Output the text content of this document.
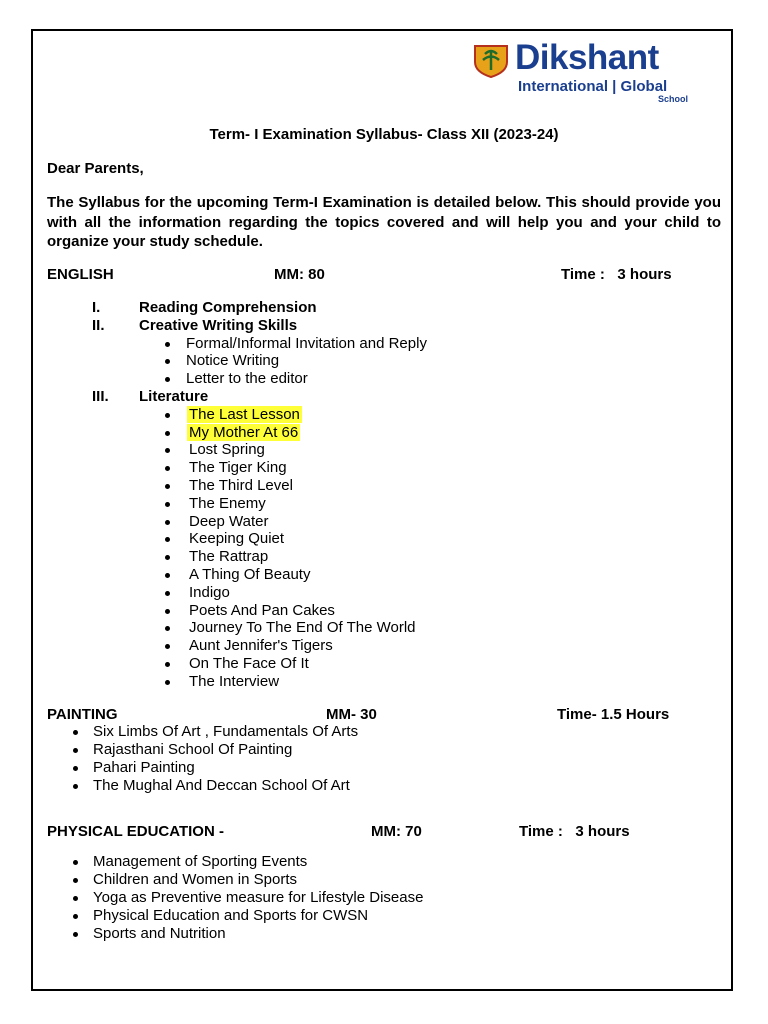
Dikshant
International | Global
School
Term- I Examination Syllabus- Class XII (2023-24)
Dear Parents,
The Syllabus for the upcoming Term-I Examination is detailed below. This should provide you with all the information regarding the topics covered and will help you and your child to organize your study schedule.
ENGLISH	MM: 80	Time :   3 hours
I.	Reading Comprehension
II. Creative Writing Skills
Formal/Informal Invitation and Reply
Notice Writing
Letter to the editor
III. Literature
The Last Lesson
My Mother At 66
Lost Spring
The Tiger King
The Third Level
The Enemy
Deep Water
Keeping Quiet
The Rattrap
A Thing Of Beauty
Indigo
Poets And Pan Cakes
Journey To The End Of The World
Aunt Jennifer's Tigers
On The Face Of It
The Interview
PAINTING	MM- 30	Time- 1.5 Hours
Six Limbs Of Art , Fundamentals Of Arts
Rajasthani School Of Painting
Pahari Painting
The Mughal And Deccan School Of Art
PHYSICAL EDUCATION -	MM: 70	Time :   3 hours
Management of Sporting Events
Children and Women in Sports
Yoga as Preventive measure for Lifestyle Disease
Physical Education and Sports for CWSN
Sports and Nutrition
